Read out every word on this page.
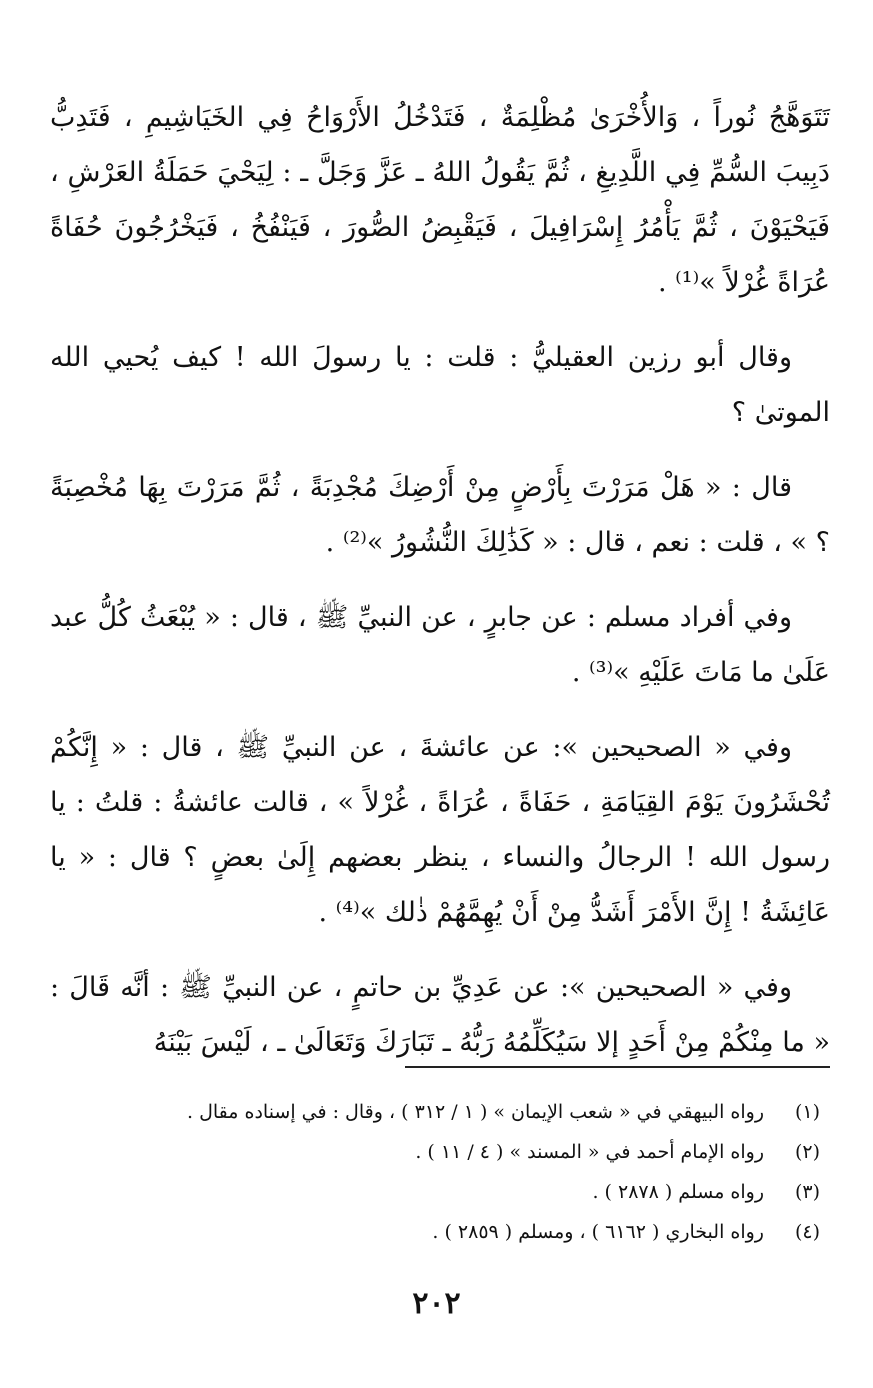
تَتَوَهَّجُ نُوراً ، وَالأُخْرَىٰ مُظْلِمَةٌ ، فَتَدْخُلُ الأَرْوَاحُ فِي الخَيَاشِيمِ ، فَتَدِبُّ دَبِيبَ السُّمِّ فِي اللَّدِيغِ ، ثُمَّ يَقُولُ اللهُ ـ عَزَّ وَجَلَّ ـ : لِيَحْيَ حَمَلَةُ العَرْشِ ، فَيَحْيَوْنَ ، ثُمَّ يَأْمُرُ إِسْرَافِيلَ ، فَيَقْبِضُ الصُّورَ ، فَيَنْفُخُ ، فَيَخْرُجُونَ حُفَاةً عُرَاةً غُرْلاً »⁽¹⁾ .

وقال أبو رزين العقيليُّ : قلت : يا رسولَ الله ! كيف يُحيي الله الموتىٰ ؟

قال : « هَلْ مَرَرْتَ بِأَرْضٍ مِنْ أَرْضِكَ مُجْدِبَةً ، ثُمَّ مَرَرْتَ بِهَا مُخْصِبَةً ؟ » ، قلت : نعم ، قال : « كَذَٰلِكَ النُّشُورُ »⁽²⁾ .

وفي أفراد مسلم : عن جابرٍ ، عن النبيِّ ﷺ ، قال : « يُبْعَثُ كُلُّ عبد عَلَىٰ ما مَاتَ عَلَيْهِ »⁽³⁾ .

وفي « الصحيحين »: عن عائشةَ ، عن النبيِّ ﷺ ، قال : « إِنَّكُمْ تُحْشَرُونَ يَوْمَ القِيَامَةِ ، حَفَاةً ، عُرَاةً ، غُرْلاً » ، قالت عائشةُ : قلتُ : يا رسول الله ! الرجالُ والنساء ، ينظر بعضهم إِلَىٰ بعضٍ ؟ قال : « يا عَائِشَةُ ! إِنَّ الأَمْرَ أَشَدُّ مِنْ أَنْ يُهِمَّهُمْ ذٰلك »⁽⁴⁾ .

وفي « الصحيحين »: عن عَدِيِّ بن حاتمٍ ، عن النبيِّ ﷺ : أنَّه قَالَ : « ما مِنْكُمْ مِنْ أَحَدٍ إلا سَيُكَلِّمُهُ رَبُّهُ ـ تَبَارَكَ وَتَعَالَىٰ ـ ، لَيْسَ بَيْنَهُ

(١)
رواه البيهقي في « شعب الإيمان » ( ١ / ٣١٢ ) ، وقال : في إسناده مقال .
(٢)
رواه الإمام أحمد في « المسند » ( ٤ / ١١ ) .
(٣)
رواه مسلم ( ٢٨٧٨ ) .
(٤)
رواه البخاري ( ٦١٦٢ ) ، ومسلم ( ٢٨٥٩ ) .
٢٠٢
